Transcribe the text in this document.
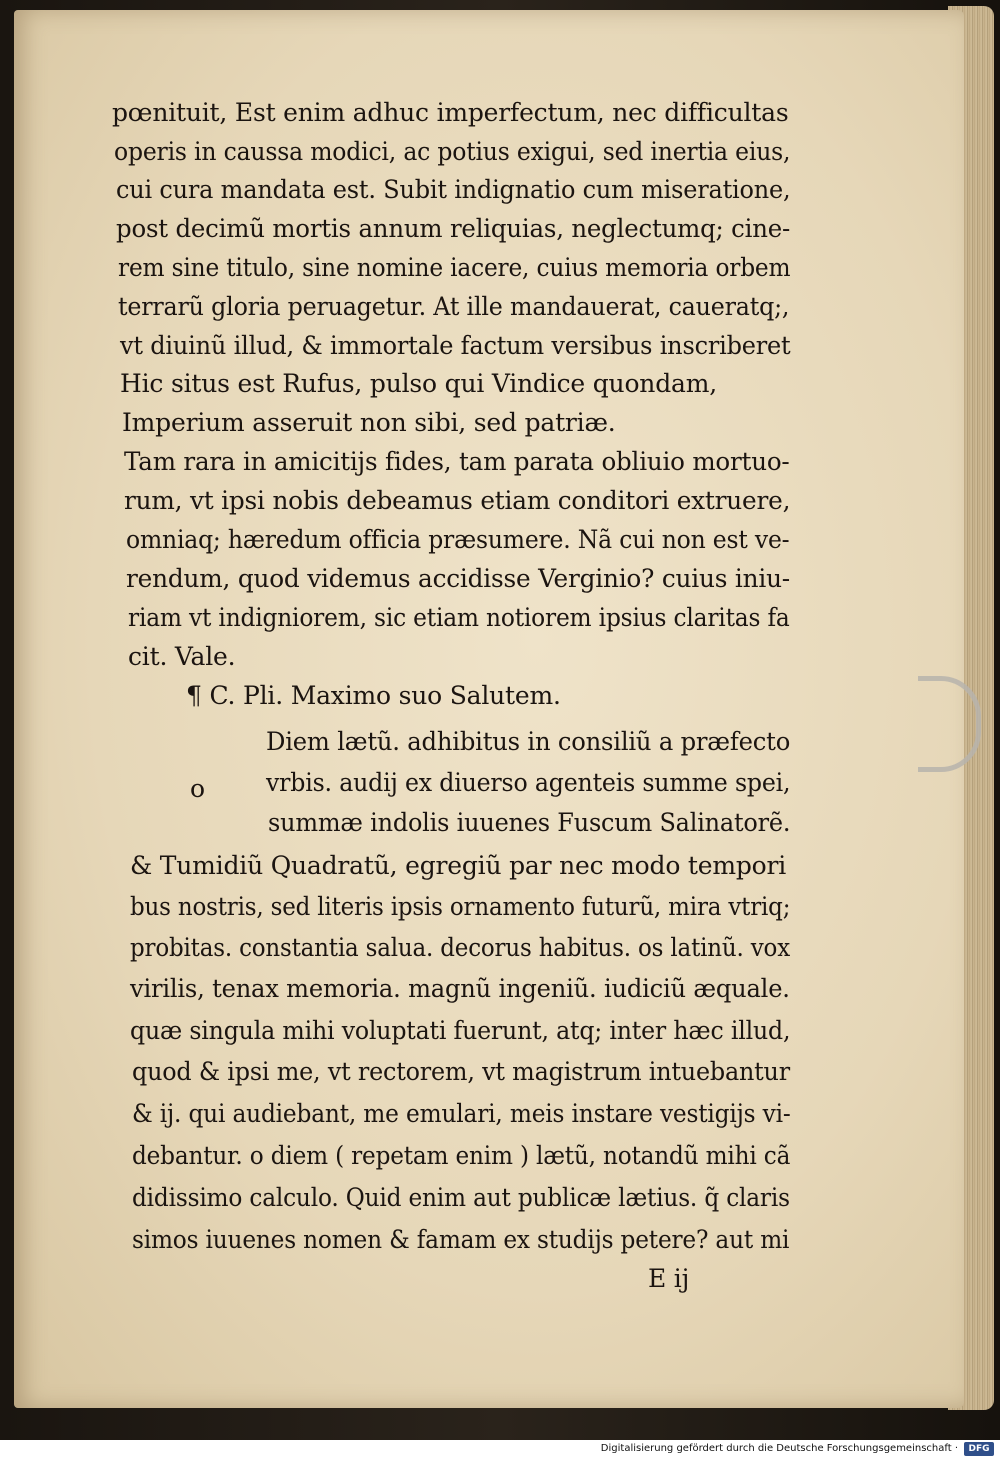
pœnituit, Est enim adhuc imperfectum, nec difficultas
operis in caussa modici, ac potius exigui, sed inertia eius,
cui cura mandata est. Subit indignatio cum miseratione,
post decimũ mortis annum reliquias, neglectumq; cine-
rem sine titulo, sine nomine iacere, cuius memoria orbem
terrarũ gloria peruagetur. At ille mandauerat, caueratq;,
vt diuinũ illud, & immortale factum versibus inscriberet
Hic situs est Rufus, pulso qui Vindice quondam,
Imperium asseruit non sibi, sed patriæ.
Tam rara in amicitijs fides, tam parata obliuio mortuo-
rum, vt ipsi nobis debeamus etiam conditori extruere,
omniaq; hæredum officia præsumere. Nã cui non est ve-
rendum, quod videmus accidisse Verginio? cuius iniu-
riam vt indigniorem, sic etiam notiorem ipsius claritas fa
cit. Vale.
¶ C. Pli. Maximo suo Salutem.
o
Diem lætũ. adhibitus in consiliũ a præfecto
vrbis. audij ex diuerso agenteis summe spei,
summæ indolis iuuenes Fuscum Salinatorẽ.
& Tumidiũ Quadratũ, egregiũ par nec modo tempori
bus nostris, sed literis ipsis ornamento futurũ, mira vtriq;
probitas. constantia salua. decorus habitus. os latinũ. vox
virilis, tenax memoria. magnũ ingeniũ. iudiciũ æquale.
quæ singula mihi voluptati fuerunt, atq; inter hæc illud,
quod & ipsi me, vt rectorem, vt magistrum intuebantur
& ij. qui audiebant, me emulari, meis instare vestigijs vi-
debantur. o diem ( repetam enim ) lætũ, notandũ mihi cã
didissimo calculo. Quid enim aut publicæ lætius. q̃ claris
simos iuuenes nomen & famam ex studijs petere? aut mi
E ij
Digitalisierung gefördert durch die Deutsche Forschungsgemeinschaft ·	DFG
